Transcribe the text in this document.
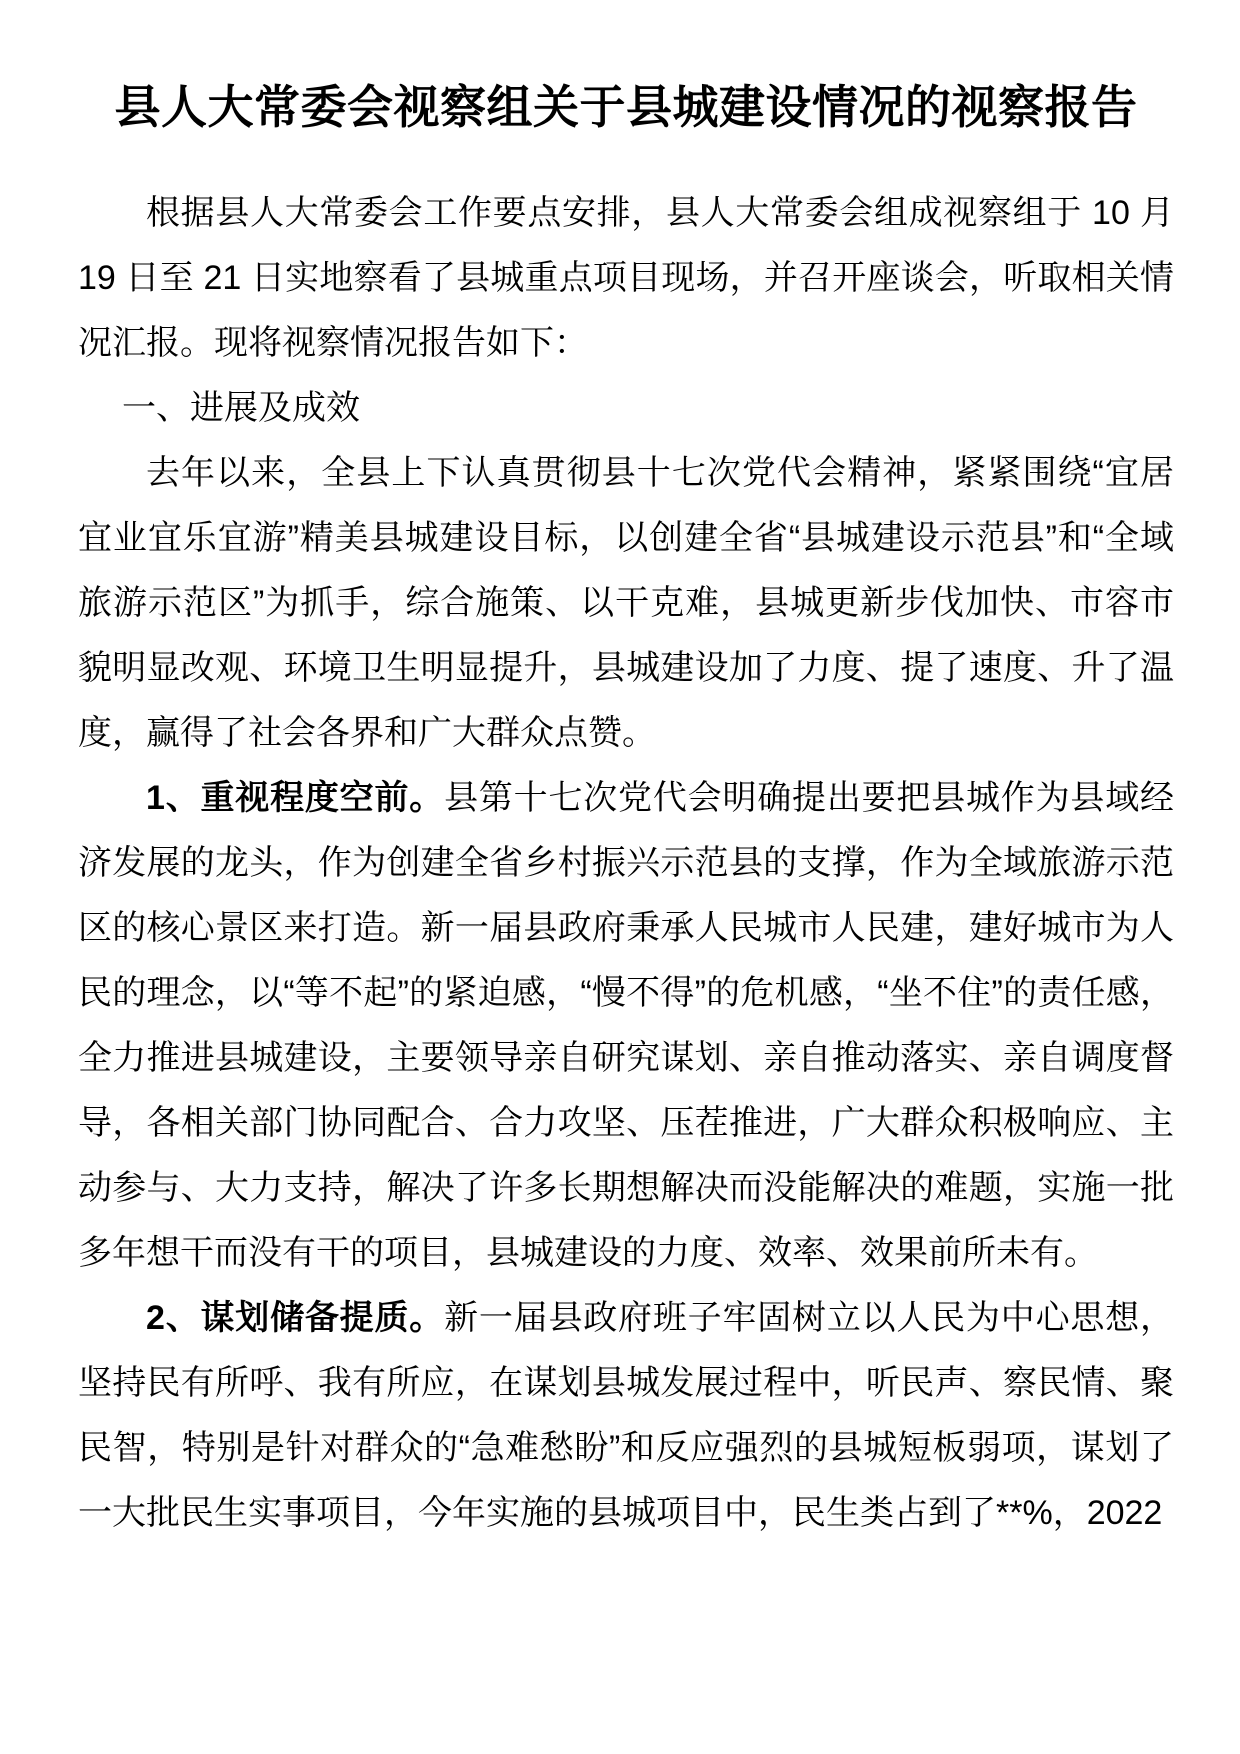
县人大常委会视察组关于县城建设情况的视察报告

根据县人大常委会工作要点安排，县人大常委会组成视察组于 10 月 19 日至 21 日实地察看了县城重点项目现场，并召开座谈会，听取相关情况汇报。现将视察情况报告如下：

一、进展及成效

去年以来，全县上下认真贯彻县十七次党代会精神，紧紧围绕“宜居宜业宜乐宜游”精美县城建设目标，以创建全省“县城建设示范县”和“全域旅游示范区”为抓手，综合施策、以干克难，县城更新步伐加快、市容市貌明显改观、环境卫生明显提升，县城建设加了力度、提了速度、升了温度，赢得了社会各界和广大群众点赞。

1、重视程度空前。县第十七次党代会明确提出要把县城作为县域经济发展的龙头，作为创建全省乡村振兴示范县的支撑，作为全域旅游示范区的核心景区来打造。新一届县政府秉承人民城市人民建，建好城市为人民的理念，以“等不起”的紧迫感，“慢不得”的危机感，“坐不住”的责任感，全力推进县城建设，主要领导亲自研究谋划、亲自推动落实、亲自调度督导，各相关部门协同配合、合力攻坚、压茬推进，广大群众积极响应、主动参与、大力支持，解决了许多长期想解决而没能解决的难题，实施一批多年想干而没有干的项目，县城建设的力度、效率、效果前所未有。

2、谋划储备提质。新一届县政府班子牢固树立以人民为中心思想，坚持民有所呼、我有所应，在谋划县城发展过程中，听民声、察民情、聚民智，特别是针对群众的“急难愁盼”和反应强烈的县城短板弱项，谋划了一大批民生实事项目，今年实施的县城项目中，民生类占到了**%，2022
